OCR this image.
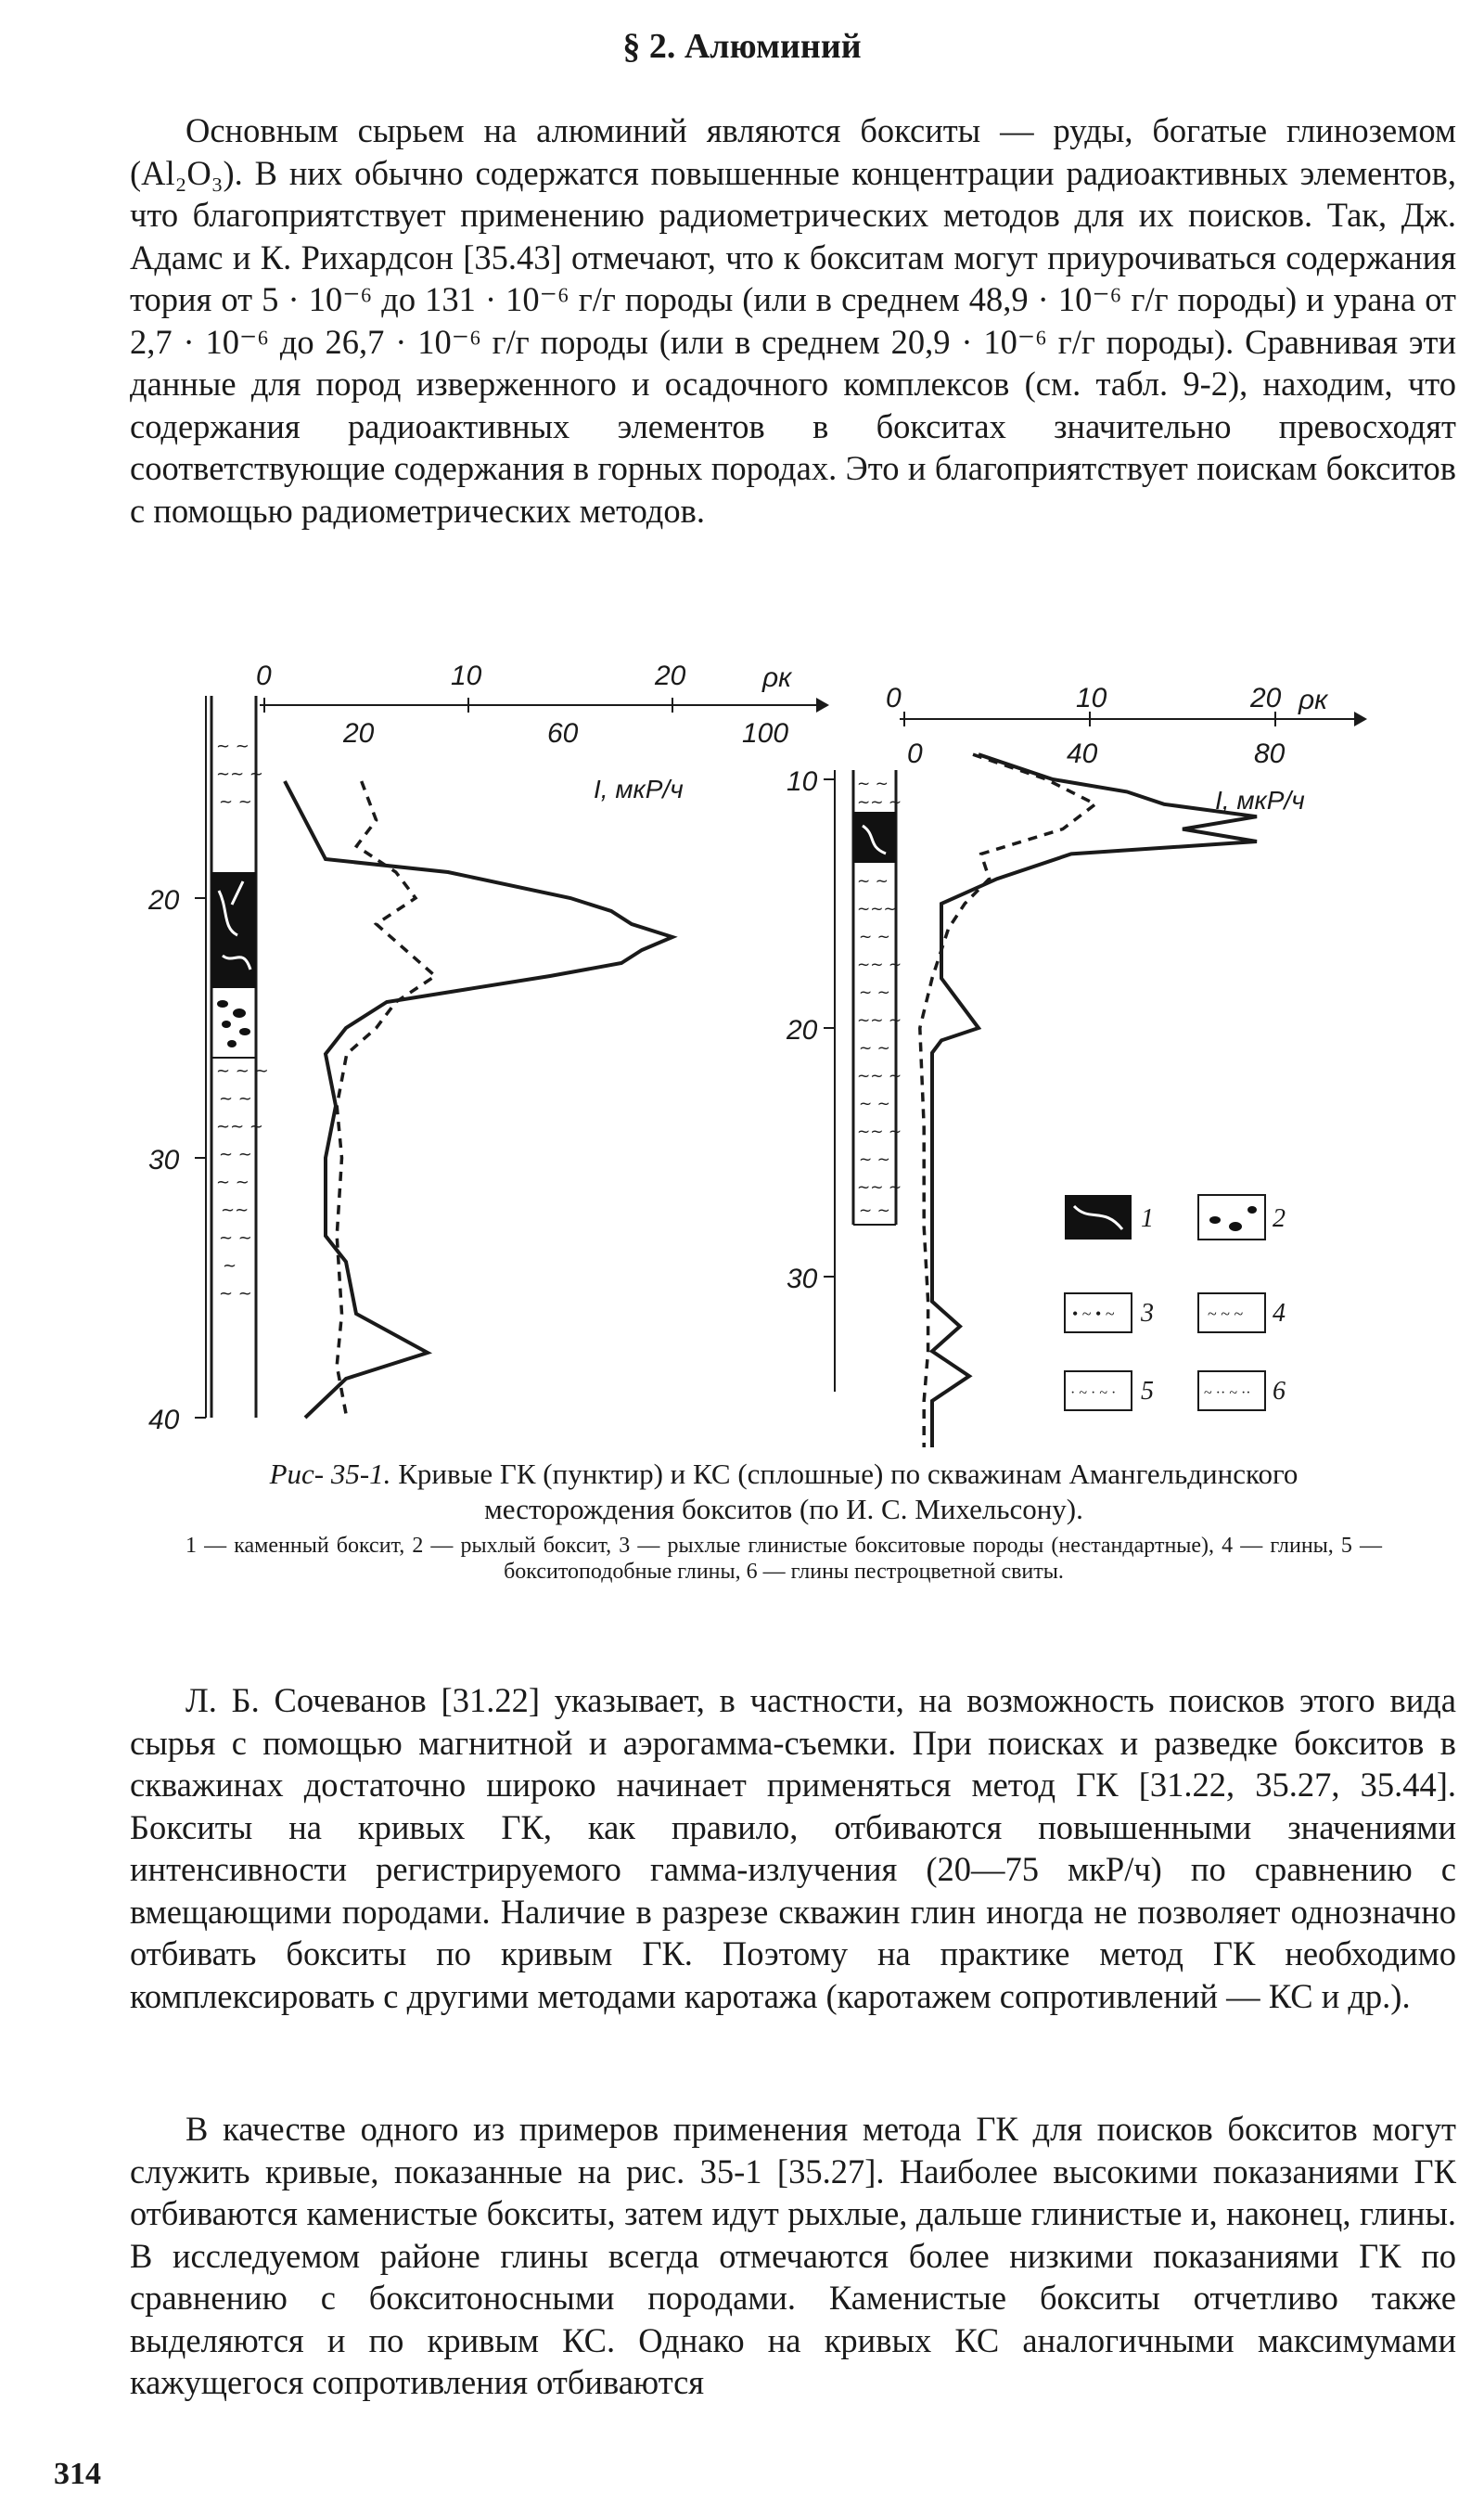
§ 2. Алюминий

Основным сырьем на алюминий являются бокситы — руды, богатые глиноземом (Al₂O₃). В них обычно содержатся повышенные концентрации радиоактивных элементов, что благоприятствует применению радиометрических методов для их поисков. Так, Дж. Адамс и К. Рихардсон [35.43] отмечают, что к бокситам могут приурочиваться содержания тория от 5 · 10⁻⁶ до 131 · 10⁻⁶ г/г породы (или в среднем 48,9 · 10⁻⁶ г/г породы) и урана от 2,7 · 10⁻⁶ до 26,7 · 10⁻⁶ г/г породы (или в среднем 20,9 · 10⁻⁶ г/г породы). Сравнивая эти данные для пород изверженного и осадочного комплексов (см. табл. 9-2), находим, что содержания радиоактивных элементов в бокситах значительно превосходят соответствующие содержания в горных породах. Это и благоприятствует поискам бокситов с помощью радиометрических методов.

~ ~
~~ ~
~ ~
~ ~ ~
~ ~
~~ ~
~ ~
~ ~
~~
~ ~
~
~ ~
20
30
40
0	10	20	ρк
20	60	100
I, мкР/ч	~ ~
~~ ~
~ ~
~~~
~ ~
~~ ~
~ ~
~~ ~
~ ~
~~ ~
~ ~
~~ ~
~ ~
~~ ~
~ ~
10
20
30
0	10	20 ρк
0	40	80
I, мкР/ч
1	2
• ~ • ~ 3	~ ~ ~ 4
· ~ · ~ · 5	~ ·· ~ ·· 6

Рис- 35-1. Кривые ГК (пунктир) и КС (сплошные) по скважинам Амангельдинского месторождения бокситов (по И. С. Михельсону).

1 — каменный боксит, 2 — рыхлый боксит, 3 — рыхлые глинистые бокситовые породы (нестандартные), 4 — глины, 5 — бокситоподобные глины, 6 — глины пестроцветной свиты.

Л. Б. Сочеванов [31.22] указывает, в частности, на возможность поисков этого вида сырья с помощью магнитной и аэрогамма-съемки. При поисках и разведке бокситов в скважинах достаточно широко начинает применяться метод ГК [31.22, 35.27, 35.44]. Бокситы на кривых ГК, как правило, отбиваются повышенными значениями интенсивности регистрируемого гамма-излучения (20—75 мкР/ч) по сравнению с вмещающими породами. Наличие в разрезе скважин глин иногда не позволяет однозначно отбивать бокситы по кривым ГК. Поэтому на практике метод ГК необходимо комплексировать с другими методами каротажа (каротажем сопротивлений — КС и др.).

В качестве одного из примеров применения метода ГК для поисков бокситов могут служить кривые, показанные на рис. 35-1 [35.27]. Наиболее высокими показаниями ГК отбиваются каменистые бокситы, затем идут рыхлые, дальше глинистые и, наконец, глины. В исследуемом районе глины всегда отмечаются более низкими показаниями ГК по сравнению с бокситоносными породами. Каменистые бокситы отчетливо также выделяются и по кривым КС. Однако на кривых КС аналогичными максимумами кажущегося сопротивления отбиваются

314
